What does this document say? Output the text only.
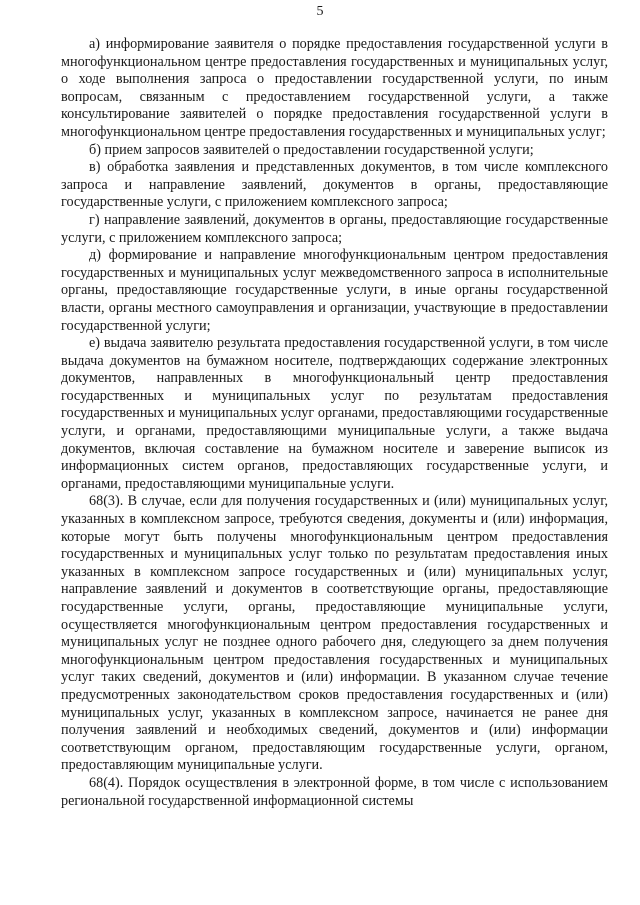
5

а) информирование заявителя о порядке предоставления государственной услуги в многофункциональном центре предоставления государственных и муниципальных услуг, о ходе выполнения запроса о предоставлении государственной услуги, по иным вопросам, связанным с предоставлением государственной услуги, а также консультирование заявителей о порядке предоставления государственной услуги в многофункциональном центре предоставления государственных и муниципальных услуг;

б) прием запросов заявителей о предоставлении государственной услуги;

в) обработка заявления и представленных документов, в том числе комплексного запроса и направление заявлений, документов в органы, предоставляющие государственные услуги, с приложением комплексного запроса;

г) направление заявлений, документов в органы, предоставляющие государственные услуги, с приложением комплексного запроса;

д) формирование и направление многофункциональным центром предоставления государственных и муниципальных услуг межведомственного запроса в исполнительные органы, предоставляющие государственные услуги, в иные органы государственной власти, органы местного самоуправления и организации, участвующие в предоставлении государственной услуги;

е) выдача заявителю результата предоставления государственной услуги, в том числе выдача документов на бумажном носителе, подтверждающих содержание электронных документов, направленных в многофункциональный центр предоставления государственных и муниципальных услуг по результатам предоставления государственных и муниципальных услуг органами, предоставляющими государственные услуги, и органами, предоставляющими муниципальные услуги, а также выдача документов, включая составление на бумажном носителе и заверение выписок из информационных систем органов, предоставляющих государственные услуги, и органами, предоставляющими муниципальные услуги.

68(3). В случае, если для получения государственных и (или) муниципальных услуг, указанных в комплексном запросе, требуются сведения, документы и (или) информация, которые могут быть получены многофункциональным центром предоставления государственных и муниципальных услуг только по результатам предоставления иных указанных в комплексном запросе государственных и (или) муниципальных услуг, направление заявлений и документов в соответствующие органы, предоставляющие государственные услуги, органы, предоставляющие муниципальные услуги, осуществляется многофункциональным центром предоставления государственных и муниципальных услуг не позднее одного рабочего дня, следующего за днем получения многофункциональным центром предоставления государственных и муниципальных услуг таких сведений, документов и (или) информации. В указанном случае течение предусмотренных законодательством сроков предоставления государственных и (или) муниципальных услуг, указанных в комплексном запросе, начинается не ранее дня получения заявлений и необходимых сведений, документов и (или) информации соответствующим органом, предоставляющим государственные услуги, органом, предоставляющим муниципальные услуги.

68(4). Порядок осуществления в электронной форме, в том числе с использованием региональной государственной информационной системы
